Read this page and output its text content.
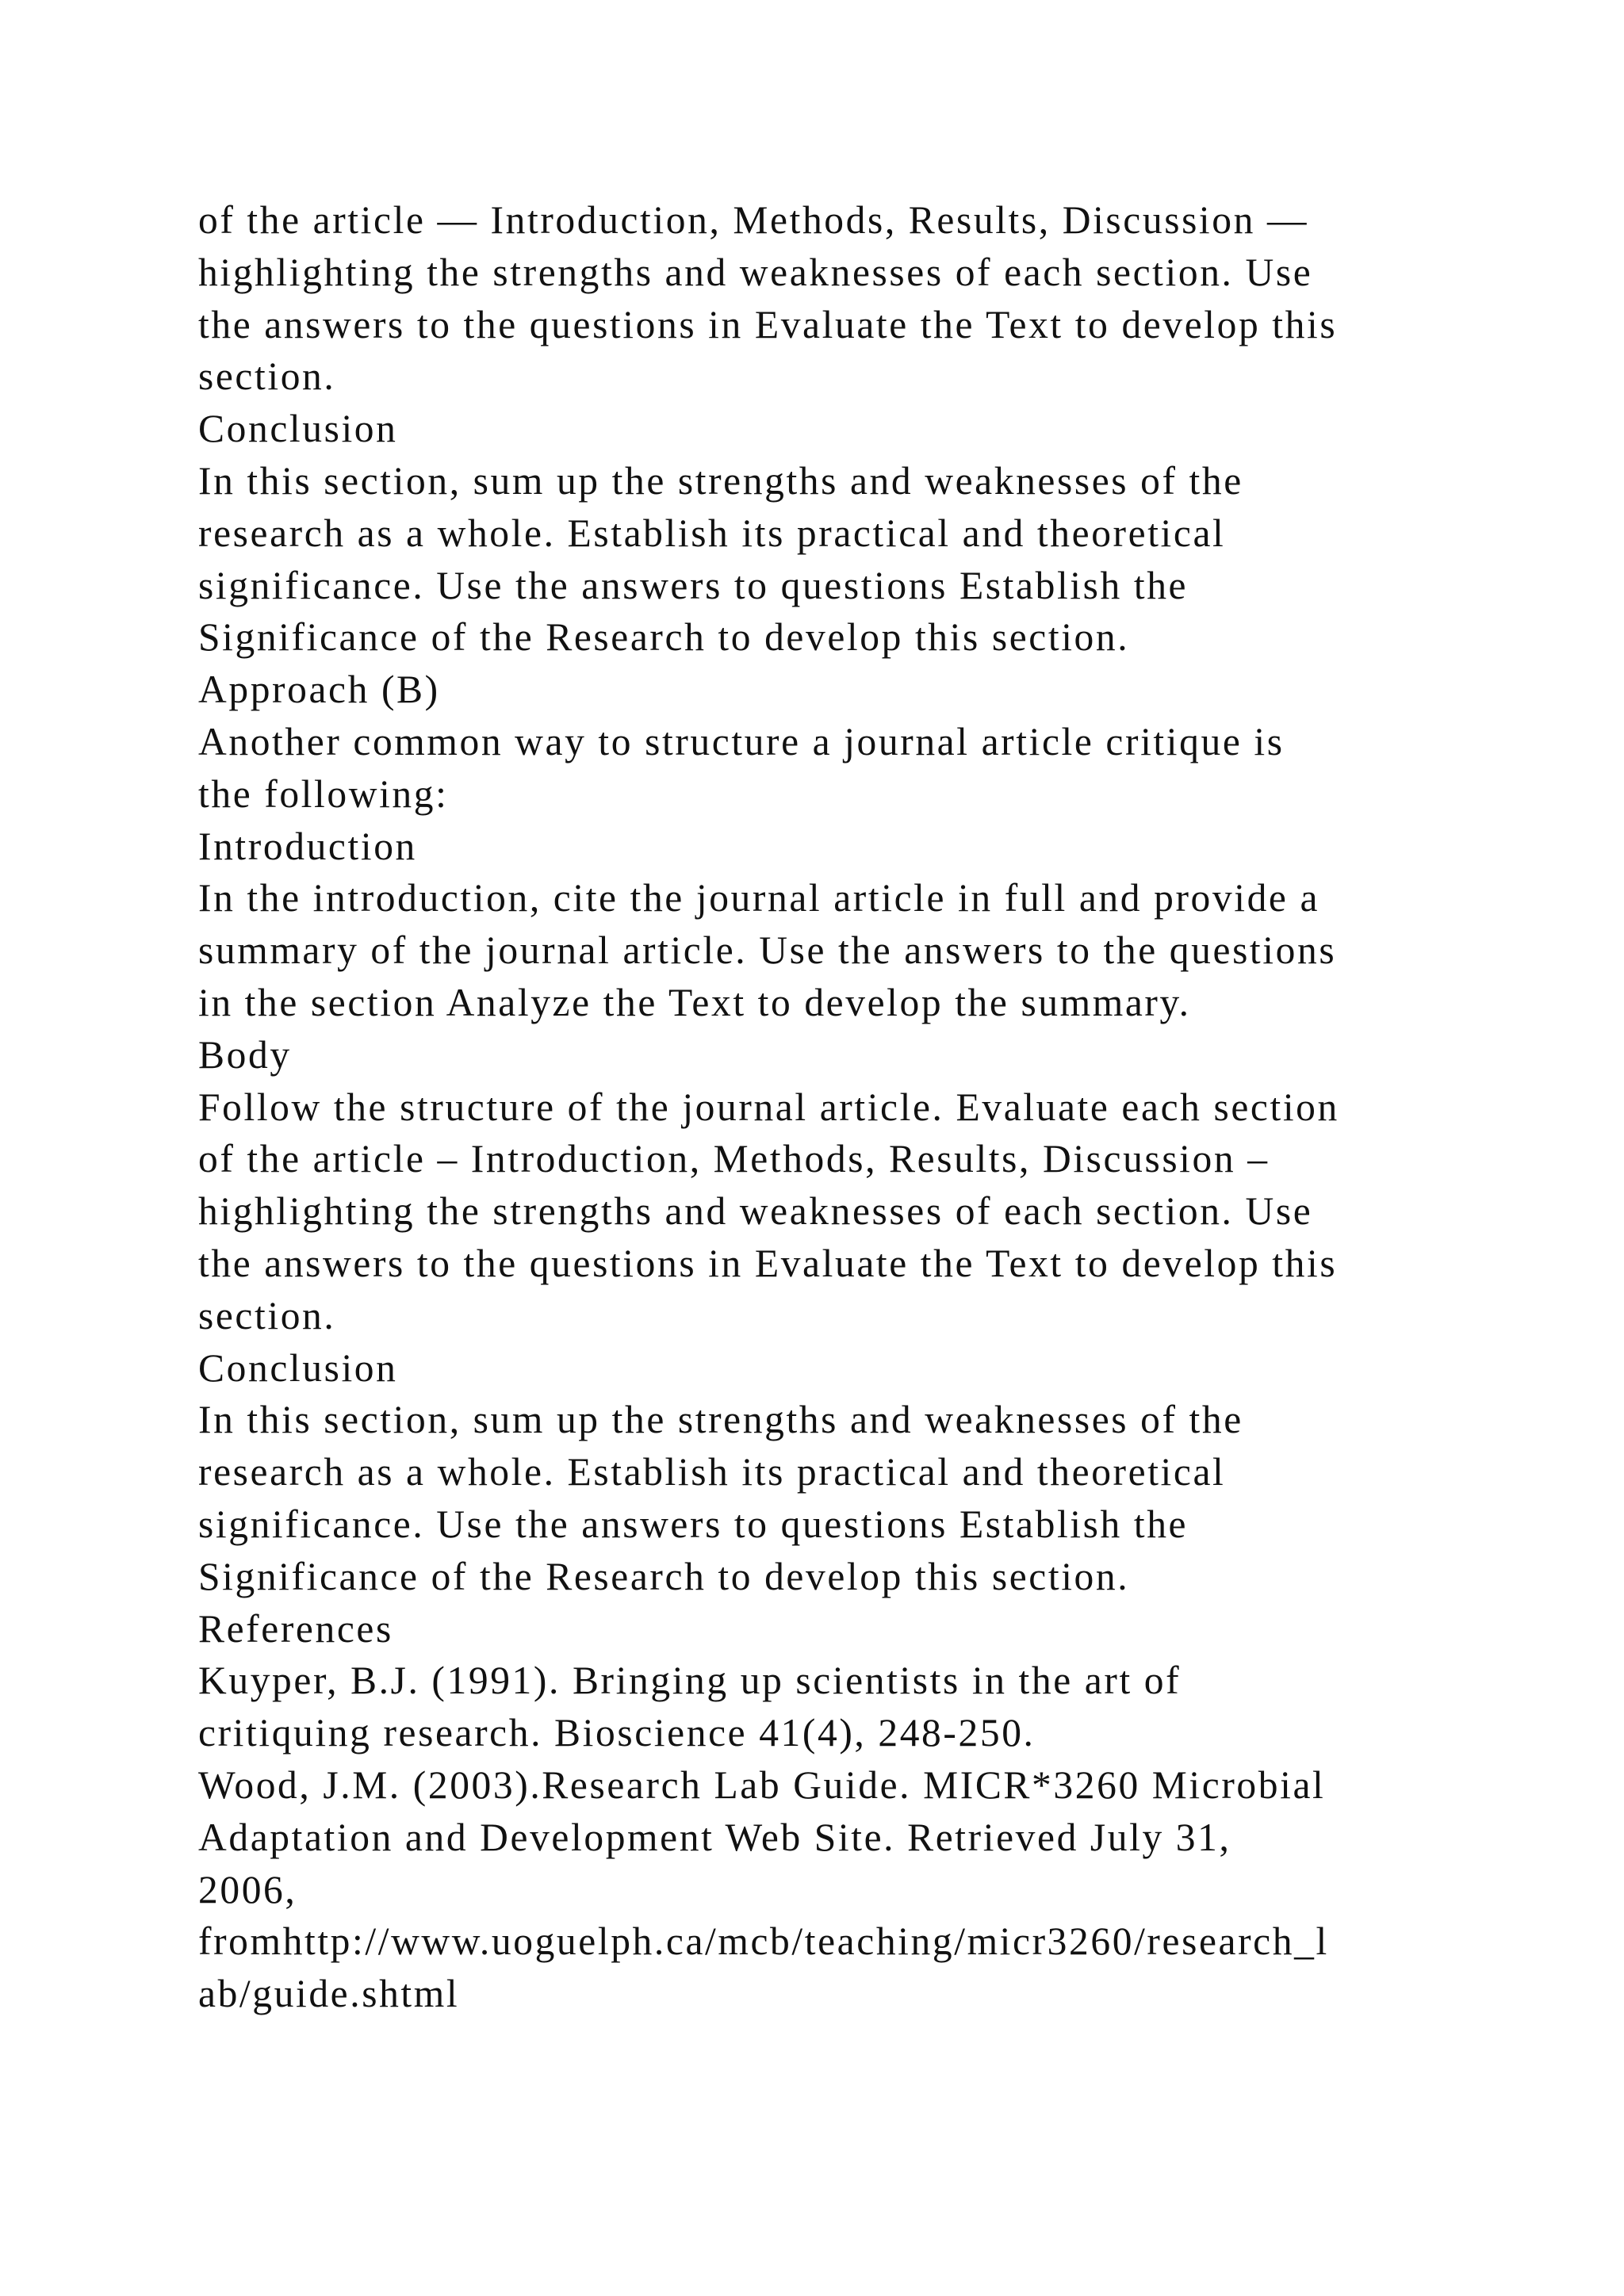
of the article — Introduction, Methods, Results, Discussion —
highlighting the strengths and weaknesses of each section. Use
the answers to the questions in Evaluate the Text to develop this
section.
Conclusion
In this section, sum up the strengths and weaknesses of the
research as a whole. Establish its practical and theoretical
significance. Use the answers to questions Establish the
Significance of the Research to develop this section.
Approach (B)
Another common way to structure a journal article critique is
the following:
Introduction
In the introduction, cite the journal article in full and provide a
summary of the journal article. Use the answers to the questions
in the section Analyze the Text to develop the summary.
Body
Follow the structure of the journal article. Evaluate each section
of the article – Introduction, Methods, Results, Discussion –
highlighting the strengths and weaknesses of each section. Use
the answers to the questions in Evaluate the Text to develop this
section.
Conclusion
In this section, sum up the strengths and weaknesses of the
research as a whole. Establish its practical and theoretical
significance. Use the answers to questions Establish the
Significance of the Research to develop this section.
References
Kuyper, B.J. (1991). Bringing up scientists in the art of
critiquing research. Bioscience 41(4), 248-250.
Wood, J.M. (2003).Research Lab Guide. MICR*3260 Microbial
Adaptation and Development Web Site. Retrieved July 31,
2006,
fromhttp://www.uoguelph.ca/mcb/teaching/micr3260/research_l
ab/guide.shtml
